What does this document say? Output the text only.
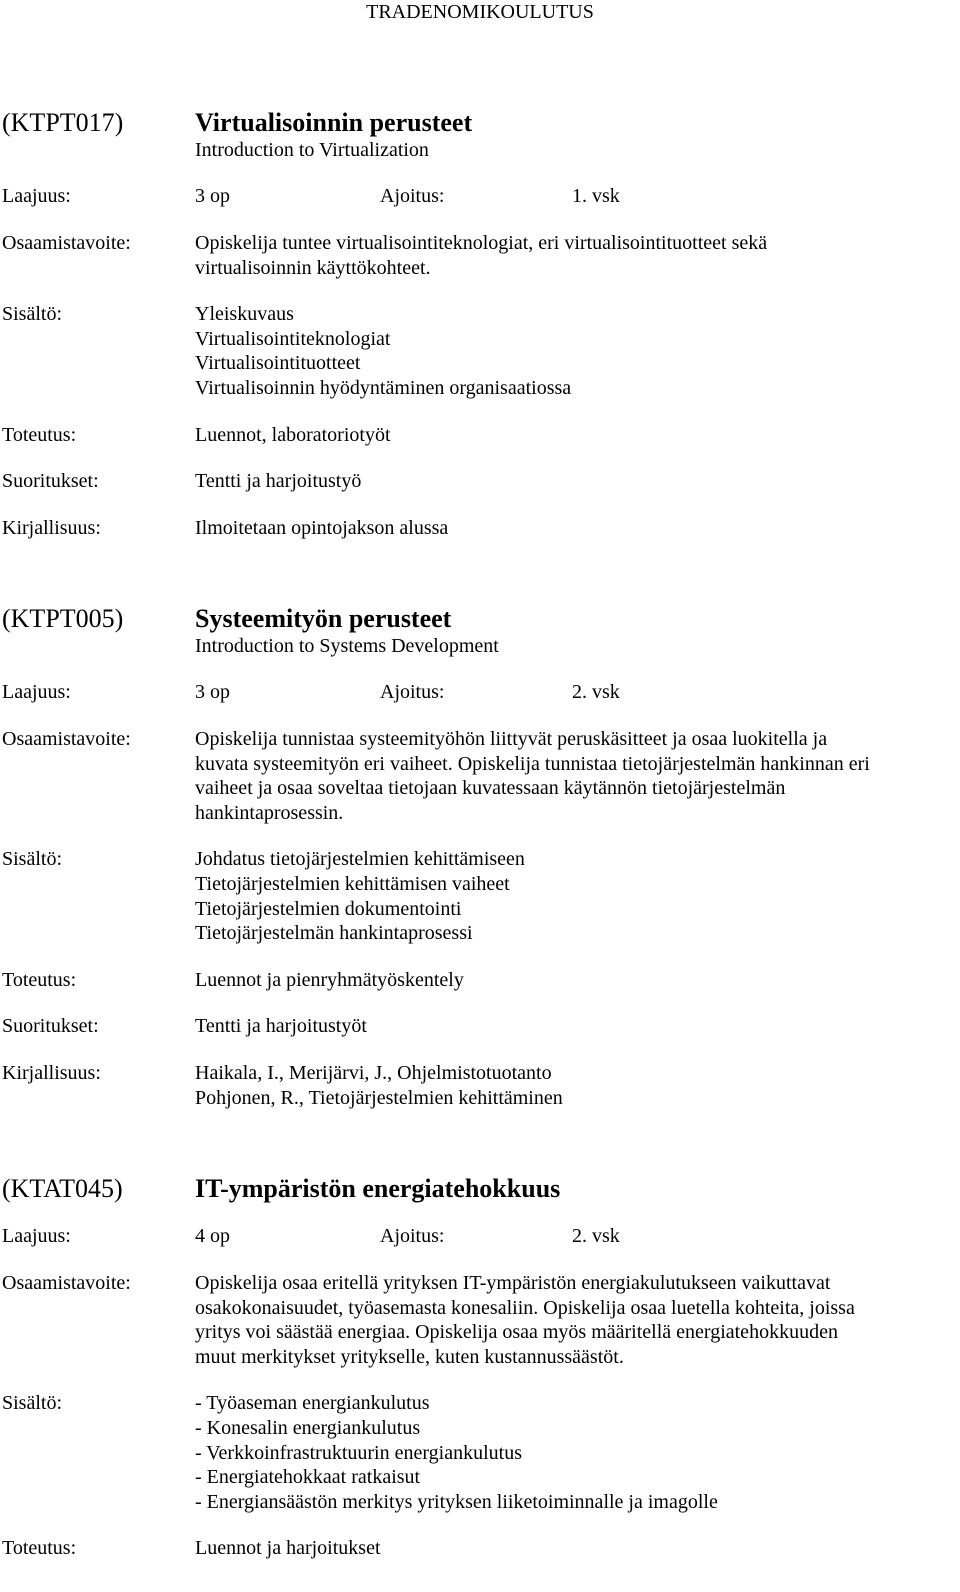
TRADENOMIKOULUTUS
(KTPT017)	Virtualisoinnin perusteet
Introduction to Virtualization
Laajuus:	3 op	Ajoitus:	1. vsk
Osaamistavoite:	Opiskelija tuntee virtualisointiteknologiat, eri virtualisointituotteet sekä
virtualisoinnin käyttökohteet.
Sisältö:	Yleiskuvaus
Virtualisointiteknologiat
Virtualisointituotteet
Virtualisoinnin hyödyntäminen organisaatiossa
Toteutus:	Luennot, laboratoriotyöt
Suoritukset:	Tentti ja harjoitustyö
Kirjallisuus:	Ilmoitetaan opintojakson alussa
(KTPT005)	Systeemityön perusteet
Introduction to Systems Development
Laajuus:	3 op	Ajoitus:	2. vsk
Osaamistavoite:	Opiskelija tunnistaa systeemityöhön liittyvät peruskäsitteet ja osaa luokitella ja
kuvata systeemityön eri vaiheet. Opiskelija tunnistaa tietojärjestelmän hankinnan eri
vaiheet ja osaa soveltaa tietojaan kuvatessaan käytännön tietojärjestelmän
hankintaprosessin.
Sisältö:	Johdatus tietojärjestelmien kehittämiseen
Tietojärjestelmien kehittämisen vaiheet
Tietojärjestelmien dokumentointi
Tietojärjestelmän hankintaprosessi
Toteutus:	Luennot ja pienryhmätyöskentely
Suoritukset:	Tentti ja harjoitustyöt
Kirjallisuus:	Haikala, I., Merijärvi, J., Ohjelmistotuotanto
Pohjonen, R., Tietojärjestelmien kehittäminen
(KTAT045)	IT-ympäristön energiatehokkuus
Laajuus:	4 op	Ajoitus:	2. vsk
Osaamistavoite:	Opiskelija osaa eritellä yrityksen IT-ympäristön energiakulutukseen vaikuttavat
osakokonaisuudet, työasemasta konesaliin. Opiskelija osaa luetella kohteita, joissa
yritys voi säästää energiaa. Opiskelija osaa myös määritellä energiatehokkuuden
muut merkitykset yritykselle, kuten kustannussäästöt.
Sisältö:	- Työaseman energiankulutus
- Konesalin energiankulutus
- Verkkoinfrastruktuurin energiankulutus
- Energiatehokkaat ratkaisut
- Energiansäästön merkitys yrityksen liiketoiminnalle ja imagolle
Toteutus:	Luennot ja harjoitukset
